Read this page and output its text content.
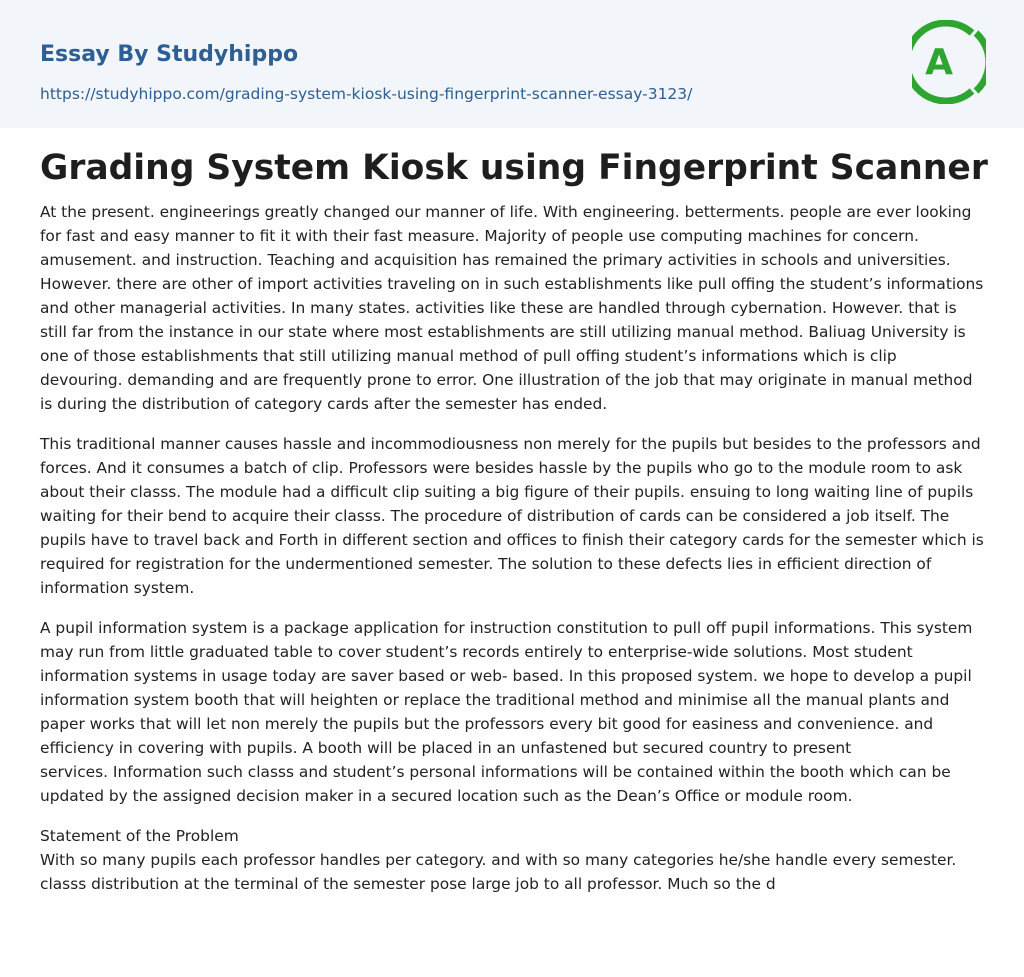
Essay By Studyhippo
https://studyhippo.com/grading-system-kiosk-using-fingerprint-scanner-essay-3123/
A
Grading System Kiosk using Fingerprint Scanner

At the present. engineerings greatly changed our manner of life. With engineering. betterments. people are ever looking for fast and easy manner to fit it with their fast measure. Majority of people use computing machines for concern. amusement. and instruction. Teaching and acquisition has remained the primary activities in schools and universities. However. there are other of import activities traveling on in such establishments like pull offing the student’s informations and other managerial activities. In many states. activities like these are handled through cybernation. However. that is still far from the instance in our state where most establishments are still utilizing manual method. Baliuag University is one of those establishments that still utilizing manual method of pull offing student’s informations which is clip devouring. demanding and are frequently prone to error. One illustration of the job that may originate in manual method is during the distribution of category cards after the semester has ended.

This traditional manner causes hassle and incommodiousness non merely for the pupils but besides to the professors and forces. And it consumes a batch of clip. Professors were besides hassle by the pupils who go to the module room to ask about their classs. The module had a difficult clip suiting a big figure of their pupils. ensuing to long waiting line of pupils waiting for their bend to acquire their classs. The procedure of distribution of cards can be considered a job itself. The pupils have to travel back and Forth in different section and offices to finish their category cards for the semester which is required for registration for the undermentioned semester. The solution to these defects lies in efficient direction of information system.

A pupil information system is a package application for instruction constitution to pull off pupil informations. This system may run from little graduated table to cover student’s records entirely to enterprise-wide solutions. Most student information systems in usage today are saver based or web- based. In this proposed system. we hope to develop a pupil information system booth that will heighten or replace the traditional method and minimise all the manual plants and paper works that will let non merely the pupils but the professors every bit good for easiness and convenience. and efficiency in covering with pupils. A booth will be placed in an unfastened but secured country to present

services. Information such classs and student’s personal informations will be contained within the booth which can be updated by the assigned decision maker in a secured location such as the Dean’s Office or module room.

Statement of the Problem

With so many pupils each professor handles per category. and with so many categories he/she handle every semester. classs distribution at the terminal of the semester pose large job to all professor. Much so the d
